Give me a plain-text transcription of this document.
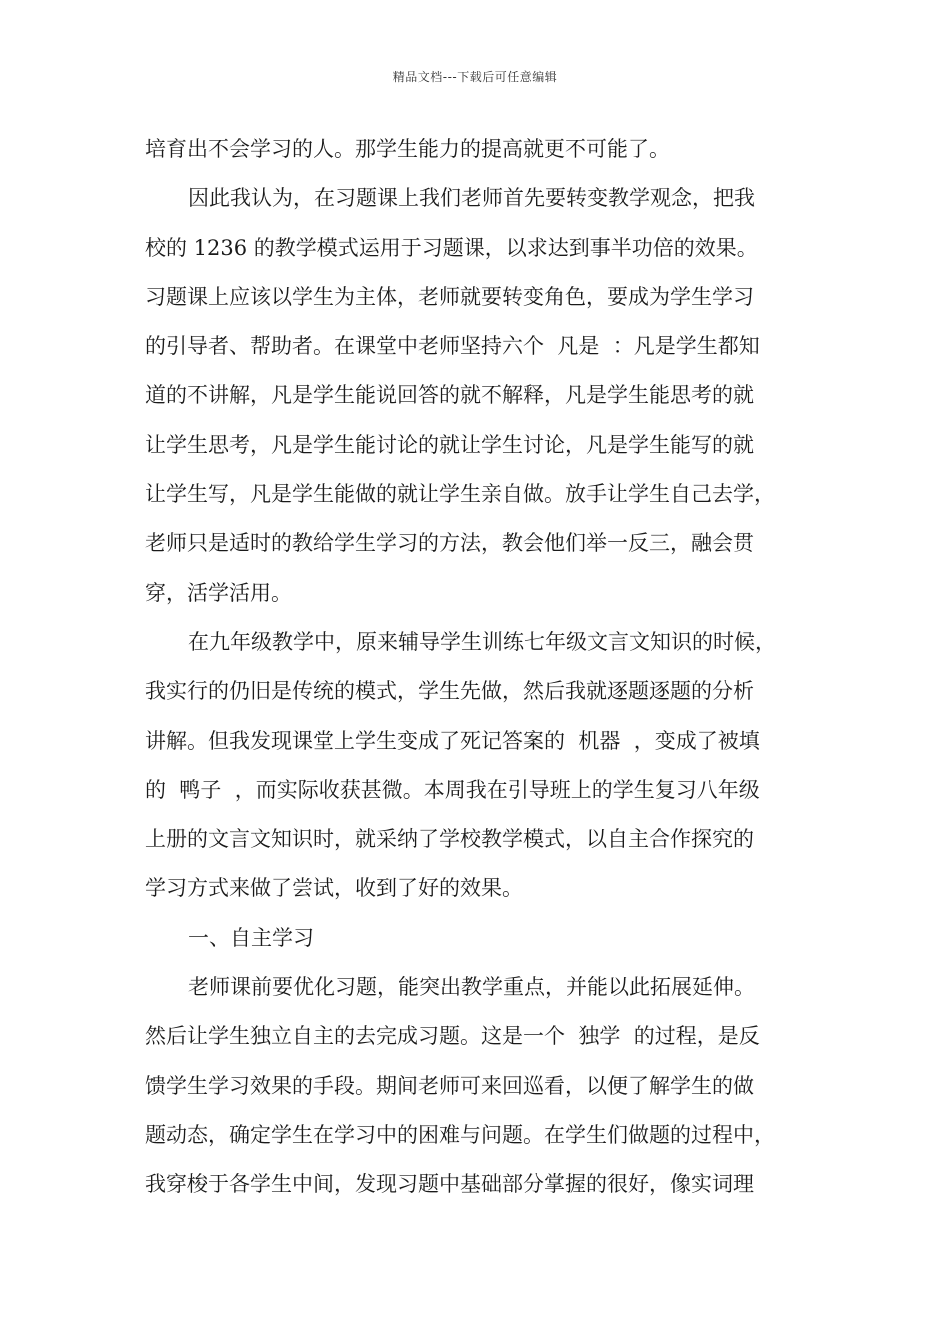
精品文档---下载后可任意编辑
培育出不会学习的人。那学生能力的提高就更不可能了。
因此我认为，在习题课上我们老师首先要转变教学观念，把我
校的 1236 的教学模式运用于习题课，以求达到事半功倍的效果。
习题课上应该以学生为主体，老师就要转变角色，要成为学生学习
的引导者、帮助者。在课堂中老师坚持六个  凡是  ：凡是学生都知
道的不讲解，凡是学生能说回答的就不解释，凡是学生能思考的就
让学生思考，凡是学生能讨论的就让学生讨论，凡是学生能写的就
让学生写，凡是学生能做的就让学生亲自做。放手让学生自己去学，
老师只是适时的教给学生学习的方法，教会他们举一反三，融会贯
穿，活学活用。
在九年级教学中，原来辅导学生训练七年级文言文知识的时候，
我实行的仍旧是传统的模式，学生先做，然后我就逐题逐题的分析
讲解。但我发现课堂上学生变成了死记答案的  机器  ，变成了被填
的  鸭子  ，而实际收获甚微。本周我在引导班上的学生复习八年级
上册的文言文知识时，就采纳了学校教学模式，以自主合作探究的
学习方式来做了尝试，收到了好的效果。
一、自主学习
老师课前要优化习题，能突出教学重点，并能以此拓展延伸。
然后让学生独立自主的去完成习题。这是一个  独学  的过程，是反
馈学生学习效果的手段。期间老师可来回巡看，以便了解学生的做
题动态，确定学生在学习中的困难与问题。在学生们做题的过程中，
我穿梭于各学生中间，发现习题中基础部分掌握的很好，像实词理
